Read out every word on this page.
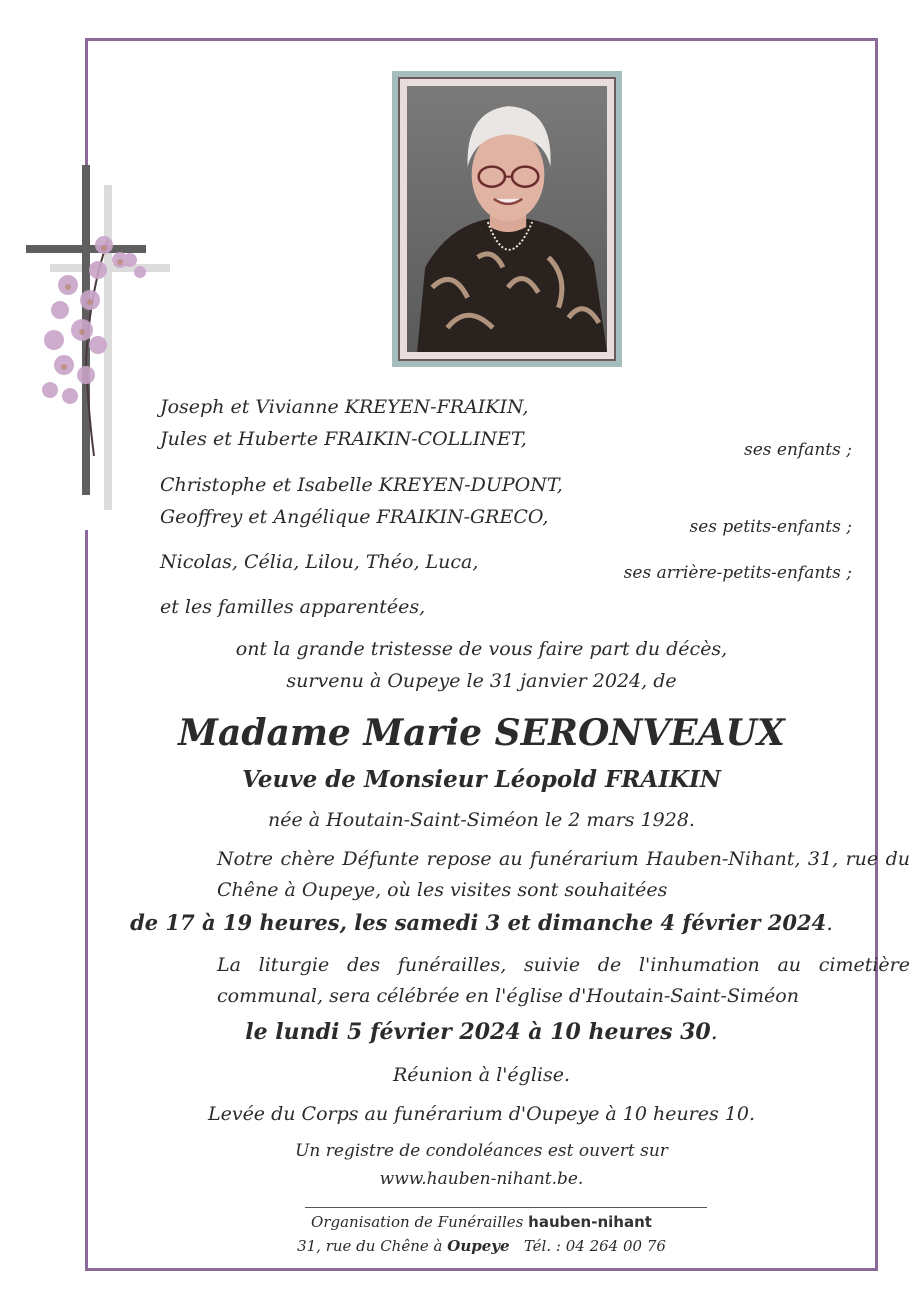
Joseph et Vivianne KREYEN-FRAIKIN,
Jules et Huberte FRAIKIN-COLLINET,	ses enfants ;
Christophe et Isabelle KREYEN-DUPONT,
Geoffrey et Angélique FRAIKIN-GRECO,	ses petits-enfants ;
Nicolas, Célia, Lilou, Théo, Luca,	ses arrière-petits-enfants ;
et les familles apparentées,
ont la grande tristesse de vous faire part du décès,
survenu à Oupeye le 31 janvier 2024, de
Madame Marie SERONVEAUX
Veuve de Monsieur Léopold FRAIKIN
née à Houtain-Saint-Siméon le 2 mars 1928.
Notre chère Défunte repose au funérarium Hauben-Nihant, 31, rue du Chêne à Oupeye, où les visites sont souhaitées
de 17 à 19 heures, les samedi 3 et dimanche 4 février 2024.
La liturgie des funérailles, suivie de l'inhumation au cimetière communal, sera célébrée en l'église d'Houtain-Saint-Siméon
le lundi 5 février 2024 à 10 heures 30.
Réunion à l'église.
Levée du Corps au funérarium d'Oupeye à 10 heures 10.
Un registre de condoléances est ouvert sur
www.hauben-nihant.be.
Organisation de Funérailles hauben-nihant
31, rue du Chêne à Oupeye Tél. : 04 264 00 76
